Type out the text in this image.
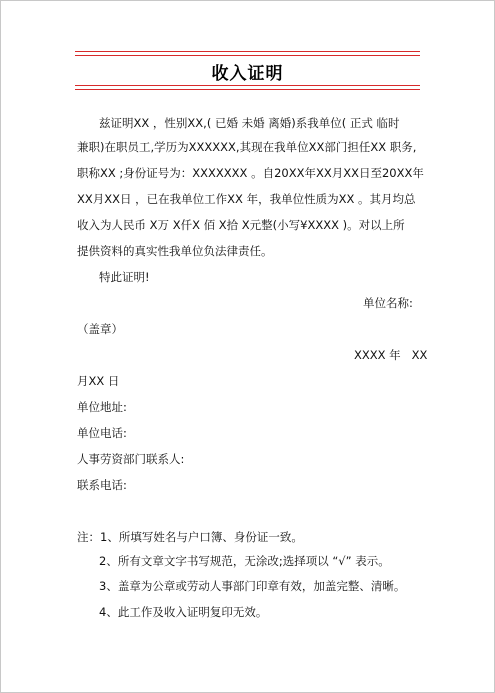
收入证明
兹证明XX ，性别XX,( 已婚 未婚 离婚)系我单位( 正式 临时
兼职)在职员工,学历为XXXXXX,其现在我单位XX部门担任XX 职务,
职称XX ;身份证号为：XXXXXXX 。自20XX年XX月XX日至20XX年
XX月XX日 ，已在我单位工作XX 年，我单位性质为XX 。其月均总
收入为人民币 X万 X仟X 佰 X拾 X元整(小写¥XXXX )。对以上所
提供资料的真实性我单位负法律责任。
特此证明!
单位名称:
（盖章）
XXXX 年   XX
月XX 日
单位地址:
单位电话:
人事劳资部门联系人:
联系电话:
注：1、所填写姓名与户口簿、身份证一致。
2、所有文章文字书写规范，无涂改;选择项以 “√” 表示。
3、盖章为公章或劳动人事部门印章有效，加盖完整、清晰。
4、此工作及收入证明复印无效。
